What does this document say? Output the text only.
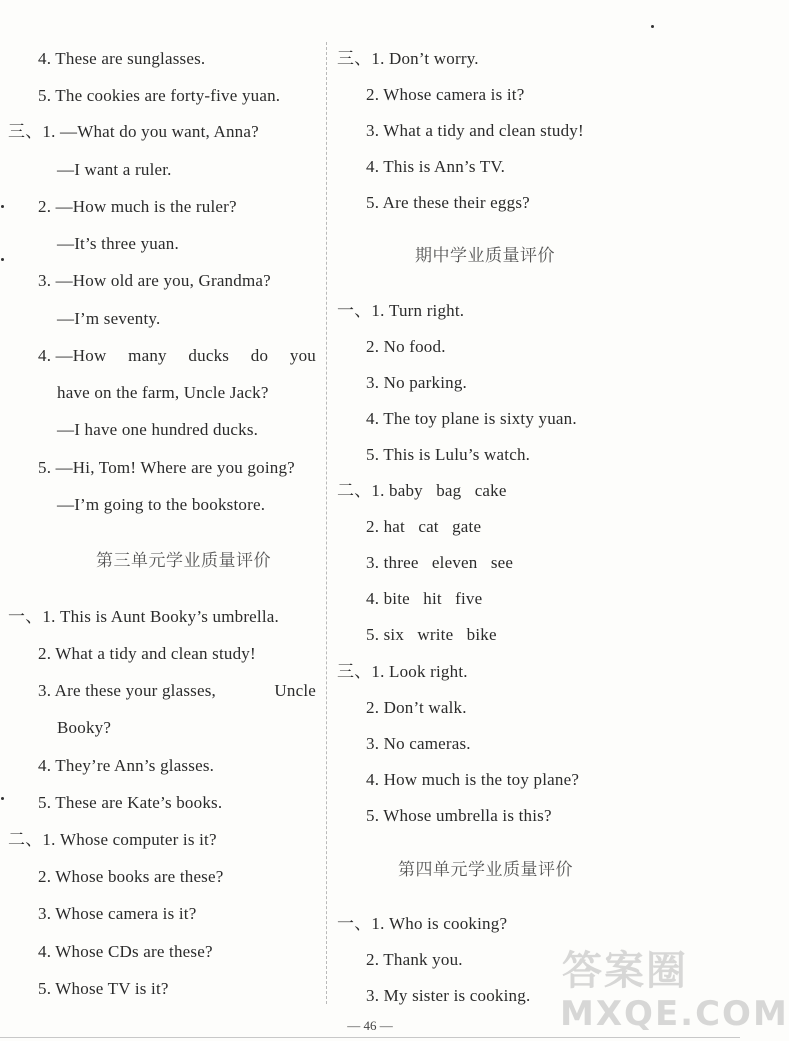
4. These are sunglasses.
5. The cookies are forty-five yuan.
三、1. —What do you want, Anna?
—I want a ruler.
2. —How much is the ruler?
—It’s three yuan.
3. —How old are you, Grandma?
—I’m seventy.
4. —How many ducks do you
have on the farm, Uncle Jack?
—I have one hundred ducks.
5. —Hi, Tom! Where are you going?
—I’m going to the bookstore.
第三单元学业质量评价
一、1. This is Aunt Booky’s umbrella.
2. What a tidy and clean study!
3. Are these your glasses,	Uncle
Booky?
4. They’re Ann’s glasses.
5. These are Kate’s books.
二、1. Whose computer is it?
2. Whose books are these?
3. Whose camera is it?
4. Whose CDs are these?
5. Whose TV is it?
三、1. Don’t worry.
2. Whose camera is it?
3. What a tidy and clean study!
4. This is Ann’s TV.
5. Are these their eggs?
期中学业质量评价
一、1. Turn right.
2. No food.
3. No parking.
4. The toy plane is sixty yuan.
5. This is Lulu’s watch.
二、1. baby   bag   cake
2. hat   cat   gate
3. three   eleven   see
4. bite   hit   five
5. six   write   bike
三、1. Look right.
2. Don’t walk.
3. No cameras.
4. How much is the toy plane?
5. Whose umbrella is this?
第四单元学业质量评价
一、1. Who is cooking?
2. Thank you.
3. My sister is cooking.
答案圈
MXQE.COM
— 46 —
